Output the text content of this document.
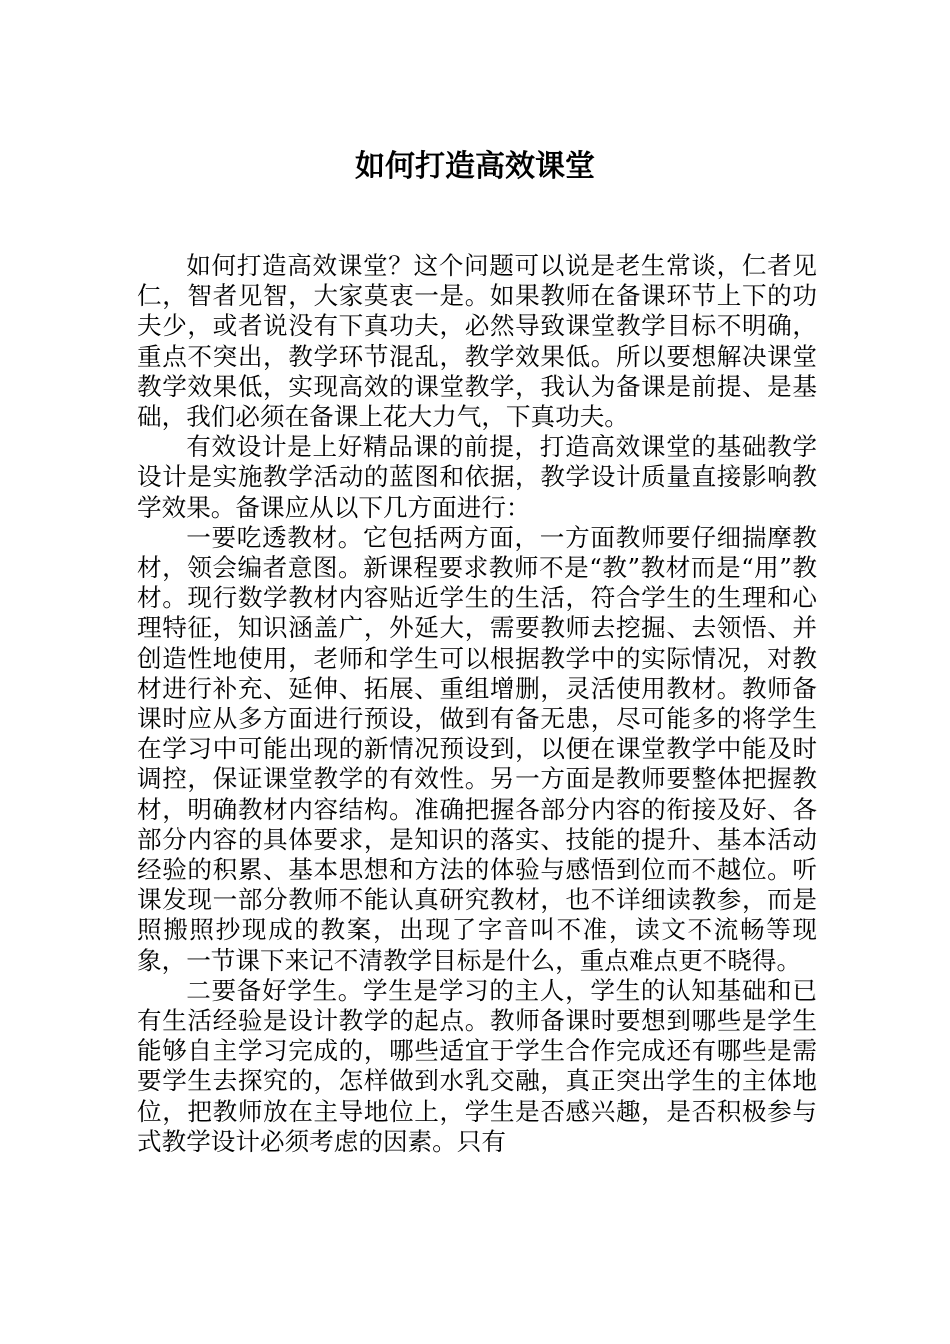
如何打造高效课堂

如何打造高效课堂？这个问题可以说是老生常谈，仁者见仁，智者见智，大家莫衷一是。如果教师在备课环节上下的功夫少，或者说没有下真功夫，必然导致课堂教学目标不明确，重点不突出，教学环节混乱，教学效果低。所以要想解决课堂教学效果低，实现高效的课堂教学，我认为备课是前提、是基础，我们必须在备课上花大力气，下真功夫。

有效设计是上好精品课的前提，打造高效课堂的基础教学设计是实施教学活动的蓝图和依据，教学设计质量直接影响教学效果。备课应从以下几方面进行：

一要吃透教材。它包括两方面，一方面教师要仔细揣摩教材，领会编者意图。新课程要求教师不是“教”教材而是“用”教材。现行数学教材内容贴近学生的生活，符合学生的生理和心理特征，知识涵盖广，外延大，需要教师去挖掘、去领悟、并创造性地使用，老师和学生可以根据教学中的实际情况，对教材进行补充、延伸、拓展、重组增删，灵活使用教材。教师备课时应从多方面进行预设，做到有备无患，尽可能多的将学生在学习中可能出现的新情况预设到，以便在课堂教学中能及时调控，保证课堂教学的有效性。另一方面是教师要整体把握教材，明确教材内容结构。准确把握各部分内容的衔接及好、各部分内容的具体要求，是知识的落实、技能的提升、基本活动经验的积累、基本思想和方法的体验与感悟到位而不越位。听课发现一部分教师不能认真研究教材，也不详细读教参，而是照搬照抄现成的教案，出现了字音叫不准，读文不流畅等现象，一节课下来记不清教学目标是什么，重点难点更不晓得。

二要备好学生。学生是学习的主人，学生的认知基础和已有生活经验是设计教学的起点。教师备课时要想到哪些是学生能够自主学习完成的，哪些适宜于学生合作完成还有哪些是需要学生去探究的，怎样做到水乳交融，真正突出学生的主体地位，把教师放在主导地位上，学生是否感兴趣，是否积极参与式教学设计必须考虑的因素。只有
